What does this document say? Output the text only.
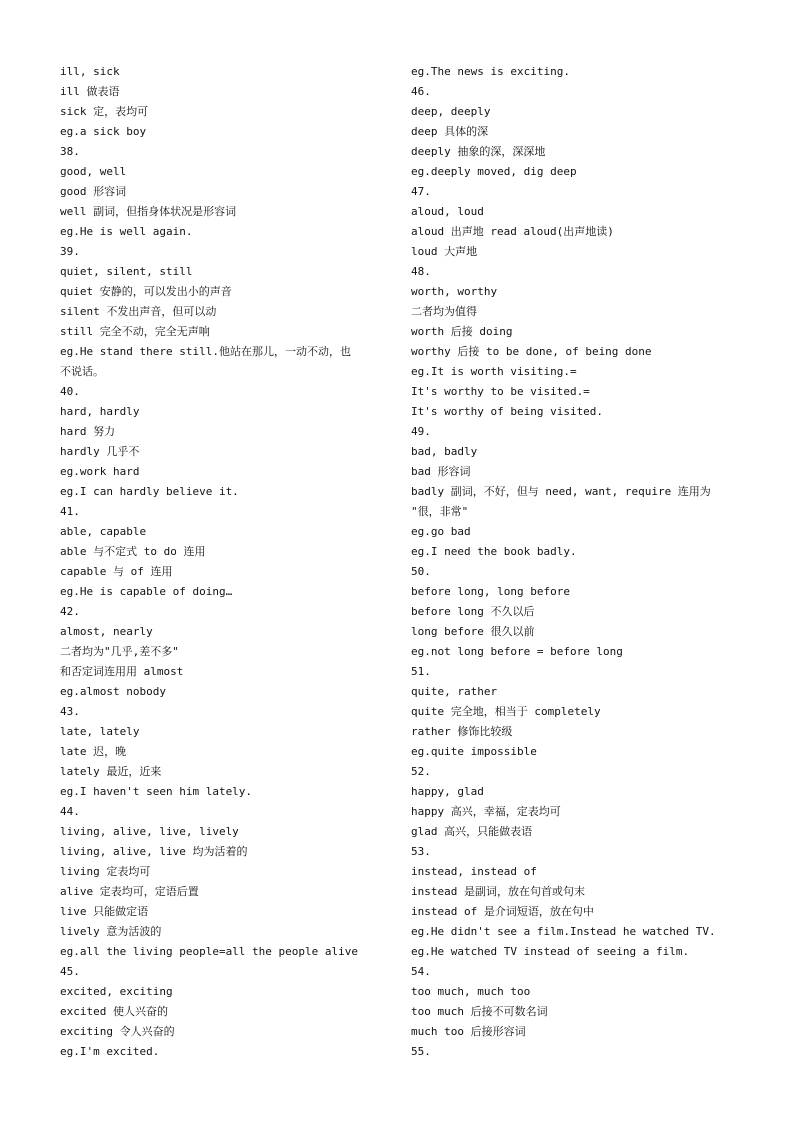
ill, sick
ill 做表语
sick 定，表均可
eg.a sick boy
38.
good, well
good 形容词
well 副词，但指身体状况是形容词
eg.He is well again.
39.
quiet, silent, still
quiet 安静的，可以发出小的声音
silent 不发出声音，但可以动
still 完全不动，完全无声响
eg.He stand there still.他站在那儿，一动不动，也
不说话。
40.
hard, hardly
hard 努力
hardly 几乎不
eg.work hard
eg.I can hardly believe it.
41.
able, capable
able 与不定式 to do 连用
capable 与 of 连用
eg.He is capable of doing…
42.
almost, nearly
二者均为"几乎,差不多"
和否定词连用用 almost
eg.almost nobody
43.
late, lately
late 迟，晚
lately 最近，近来
eg.I haven't seen him lately.
44.
living, alive, live, lively
living, alive, live 均为活着的
living 定表均可
alive 定表均可，定语后置
live 只能做定语
lively 意为活波的
eg.all the living people=all the people alive
45.
excited, exciting
excited 使人兴奋的
exciting 令人兴奋的
eg.I'm excited.
eg.The news is exciting.
46.
deep, deeply
deep 具体的深
deeply 抽象的深，深深地
eg.deeply moved, dig deep
47.
aloud, loud
aloud 出声地 read aloud(出声地读)
loud 大声地
48.
worth, worthy
二者均为值得
worth 后接 doing
worthy 后接 to be done, of being done
eg.It is worth visiting.=
It's worthy to be visited.=
It's worthy of being visited.
49.
bad, badly
bad 形容词
badly 副词，不好，但与 need, want, require 连用为
"很，非常"
eg.go bad
eg.I need the book badly.
50.
before long, long before
before long 不久以后
long before 很久以前
eg.not long before = before long
51.
quite, rather
quite 完全地，相当于 completely
rather 修饰比较级
eg.quite impossible
52.
happy, glad
happy 高兴，幸福，定表均可
glad 高兴，只能做表语
53.
instead, instead of
instead 是副词，放在句首或句末
instead of 是介词短语，放在句中
eg.He didn't see a film.Instead he watched TV.
eg.He watched TV instead of seeing a film.
54.
too much, much too
too much 后接不可数名词
much too 后接形容词
55.
